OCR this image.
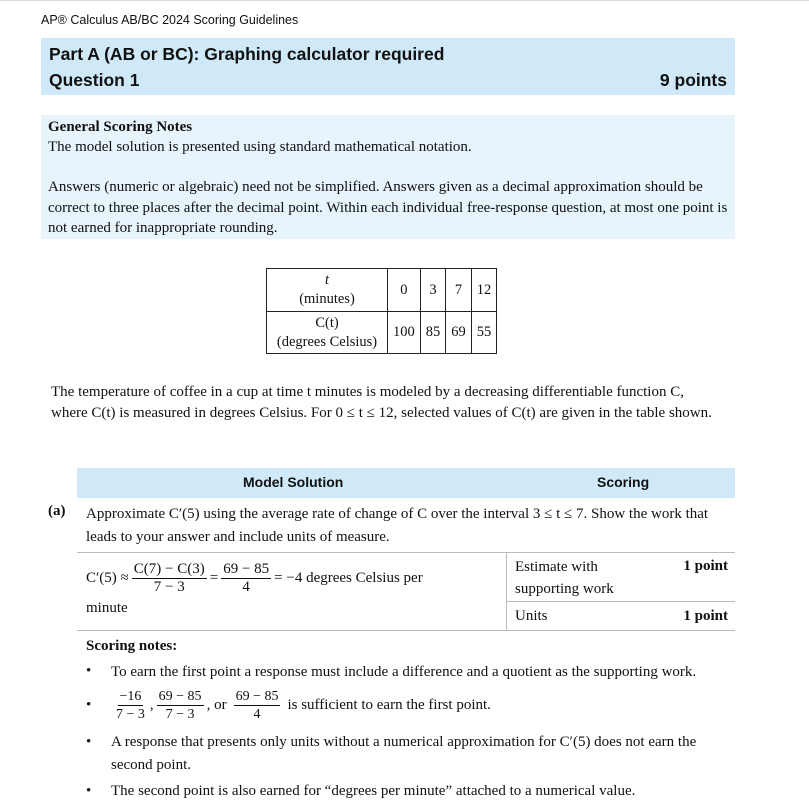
AP® Calculus AB/BC 2024 Scoring Guidelines
Part A (AB or BC): Graphing calculator required
Question 1	9 points
General Scoring Notes
The model solution is presented using standard mathematical notation.
Answers (numeric or algebraic) need not be simplified. Answers given as a decimal approximation should be correct to three places after the decimal point. Within each individual free-response question, at most one point is not earned for inappropriate rounding.
t
(minutes)	0	3	7	12

C(t)
(degrees Celsius)	100	85	69	55
The temperature of coffee in a cup at time t minutes is modeled by a decreasing differentiable function C, where C(t) is measured in degrees Celsius. For 0 ≤ t ≤ 12, selected values of C(t) are given in the table shown.
Model Solution	Scoring
(a) Approximate C′(5) using the average rate of change of C over the interval 3 ≤ t ≤ 7. Show the work that leads to your answer and include units of measure.
$C'(5) \approx \frac{C(7) - C(3)}{7 - 3} = \frac{69 - 85}{4} = -4$ degrees Celsius per
minute
Estimate with supporting work
1 point
Units	1 point
Scoring notes:
• To earn the first point a response must include a difference and a quotient as the supporting work.
• $\frac{-16}{7 - 3}$ , $\frac{69 - 85}{7 - 3}$ , or $\frac{69 - 85}{4}$ is sufficient to earn the first point.
• A response that presents only units without a numerical approximation for C′(5) does not earn the second point.
• The second point is also earned for “degrees per minute” attached to a numerical value.
